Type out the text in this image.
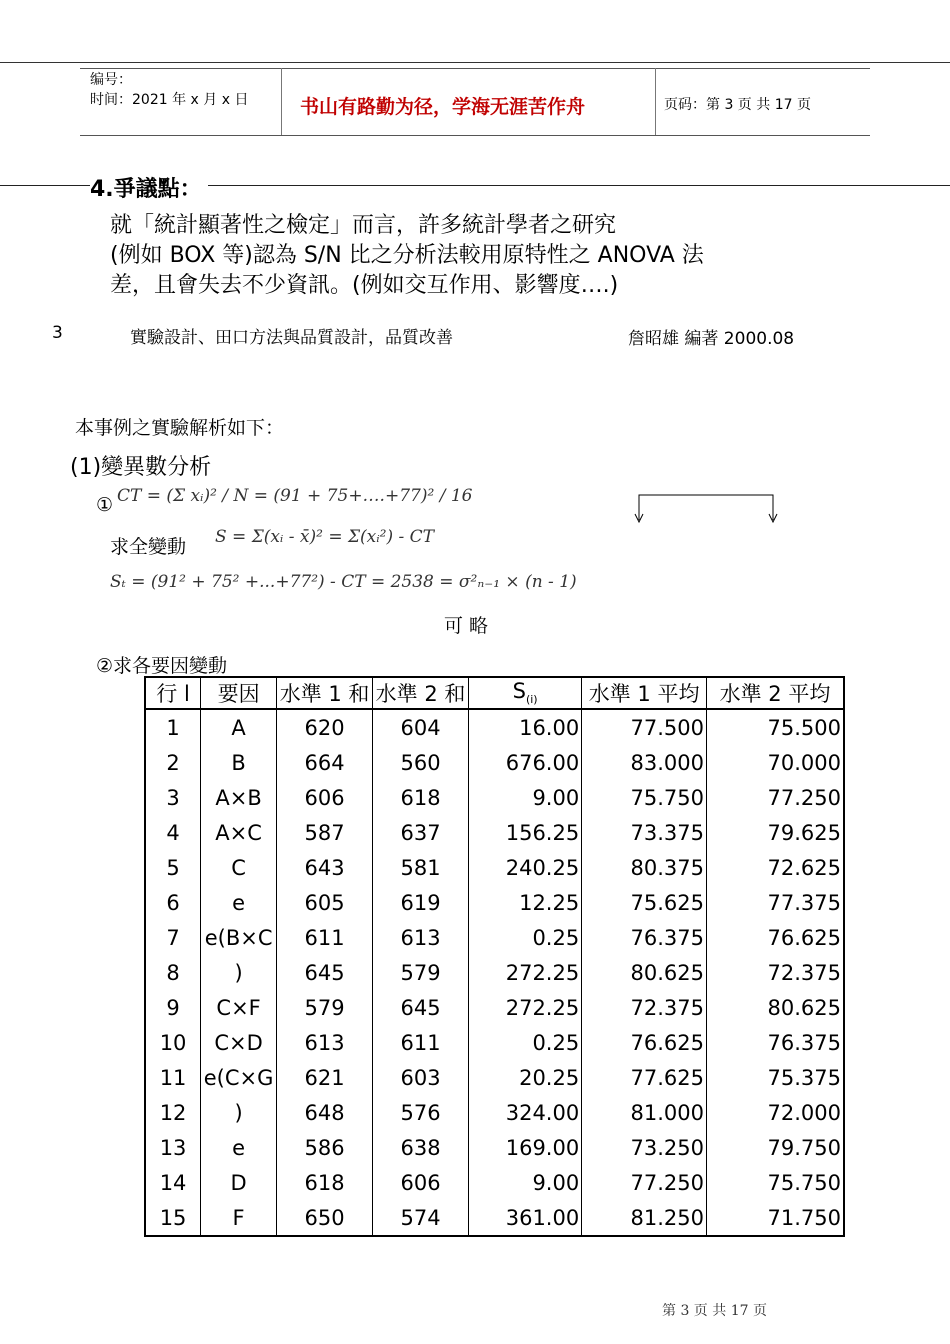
编号：
时间：2021 年 x 月 x 日	书山有路勤为径，学海无涯苦作舟	页码：第 3 页 共 17 页
4.爭議點：
就「統計顯著性之檢定」而言，許多統計學者之研究
(例如 BOX 等)認為 S/N 比之分析法較用原特性之 ANOVA 法
差，且會失去不少資訊。(例如交互作用、影響度….)
3	實驗設計、田口方法與品質設計，品質改善	詹昭雄 編著 2000.08
本事例之實驗解析如下：
(1)變異數分析
① CT = (Σ xᵢ)² / N = (91 + 75+….+77)² / 16
求全變動 S = Σ(xᵢ - x̄)² = Σ(xᵢ²) - CT
Sₜ = (91² + 75² +...+77²) - CT = 2538 = σ²ₙ₋₁ × (n - 1)
可 略
②求各要因變動
行 l	要因	水準 1 和	水準 2 和	$S_{(i)}$	水準 1 平均	水準 2 平均
1	A	620	604	16.00	77.500	75.500
2	B	664	560	676.00	83.000	70.000
3	A×B	606	618	9.00	75.750	77.250
4	A×C	587	637	156.25	73.375	79.625
5	C	643	581	240.25	80.375	72.625
6	e	605	619	12.25	75.625	77.375
7	e(B×C	611	613	0.25	76.375	76.625
8	)	645	579	272.25	80.625	72.375
9	C×F	579	645	272.25	72.375	80.625
10	C×D	613	611	0.25	76.625	76.375
11	e(C×G	621	603	20.25	77.625	75.375
12	)	648	576	324.00	81.000	72.000
13	e	586	638	169.00	73.250	79.750
14	D	618	606	9.00	77.250	75.750
15	F	650	574	361.00	81.250	71.750
第 3 页 共 17 页
